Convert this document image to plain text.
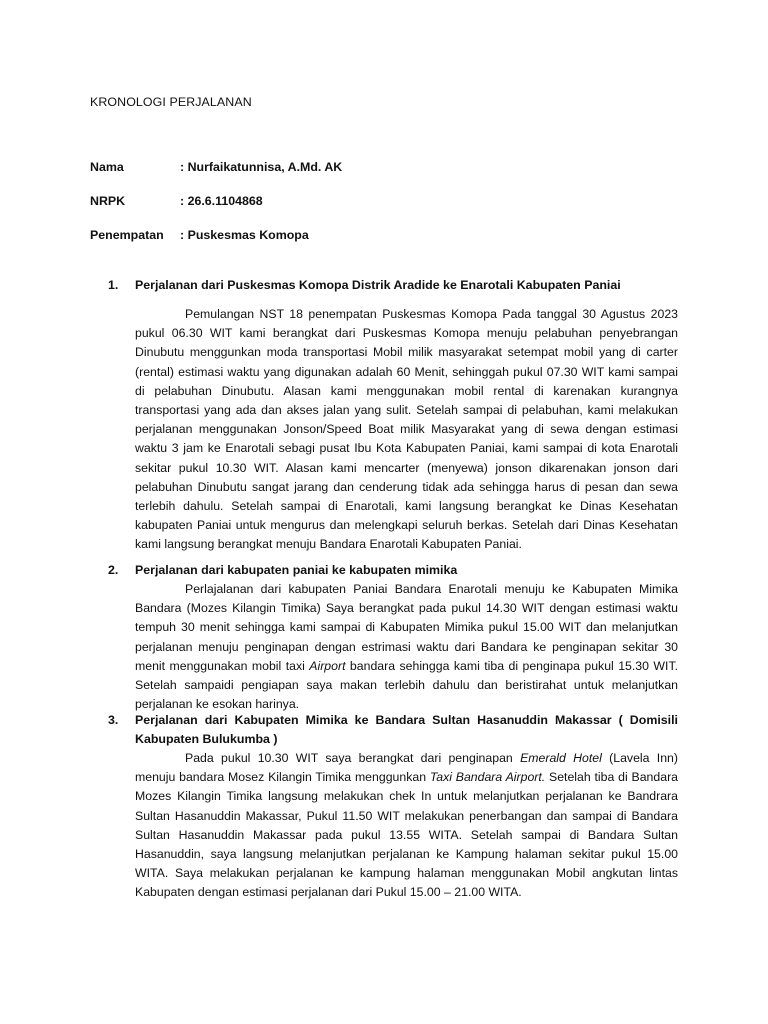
KRONOLOGI PERJALANAN
Nama	: Nurfaikatunnisa, A.Md. AK
NRPK	: 26.6.1104868
Penempatan	: Puskesmas Komopa
1.	Perjalanan dari Puskesmas Komopa Distrik Aradide ke Enarotali Kabupaten Paniai
Pemulangan NST 18 penempatan Puskesmas Komopa Pada tanggal 30 Agustus 2023 pukul 06.30 WIT kami berangkat dari Puskesmas Komopa menuju pelabuhan penyebrangan Dinubutu menggunkan moda transportasi Mobil milik masyarakat setempat mobil yang di carter (rental) estimasi waktu yang digunakan adalah 60 Menit, sehinggah pukul 07.30 WIT kami sampai di pelabuhan Dinubutu. Alasan kami menggunakan mobil rental di karenakan kurangnya transportasi yang ada dan akses jalan yang sulit. Setelah sampai di pelabuhan, kami melakukan perjalanan menggunakan Jonson/Speed Boat milik Masyarakat yang di sewa dengan estimasi waktu 3 jam ke Enarotali sebagi pusat Ibu Kota Kabupaten Paniai, kami sampai di kota Enarotali sekitar pukul 10.30 WIT. Alasan kami mencarter (menyewa) jonson dikarenakan jonson dari pelabuhan Dinubutu sangat jarang dan cenderung tidak ada sehingga harus di pesan dan sewa terlebih dahulu. Setelah sampai di Enarotali, kami langsung berangkat ke Dinas Kesehatan kabupaten Paniai untuk mengurus dan melengkapi seluruh berkas. Setelah dari Dinas Kesehatan kami langsung berangkat menuju Bandara Enarotali Kabupaten Paniai.
2.	Perjalanan dari kabupaten paniai ke kabupaten mimika
Perlajalanan dari kabupaten Paniai Bandara Enarotali menuju ke Kabupaten Mimika Bandara (Mozes Kilangin Timika) Saya berangkat pada pukul 14.30 WIT dengan estimasi waktu tempuh 30 menit sehingga kami sampai di Kabupaten Mimika pukul 15.00 WIT dan melanjutkan perjalanan menuju penginapan dengan estrimasi waktu dari Bandara ke penginapan sekitar 30 menit menggunakan mobil taxi Airport bandara sehingga kami tiba di penginapa pukul 15.30 WIT. Setelah sampaidi pengiapan saya makan terlebih dahulu dan beristirahat untuk melanjutkan perjalanan ke esokan harinya.
3.	Perjalanan dari Kabupaten Mimika ke Bandara Sultan Hasanuddin Makassar ( Domisili Kabupaten Bulukumba )
Pada pukul 10.30 WIT saya berangkat dari penginapan Emerald Hotel (Lavela Inn) menuju bandara Mosez Kilangin Timika menggunkan Taxi Bandara Airport. Setelah tiba di Bandara Mozes Kilangin Timika langsung melakukan chek In untuk melanjutkan perjalanan ke Bandrara Sultan Hasanuddin Makassar, Pukul 11.50 WIT melakukan penerbangan dan sampai di Bandara Sultan Hasanuddin Makassar pada pukul 13.55 WITA. Setelah sampai di Bandara Sultan Hasanuddin, saya langsung melanjutkan perjalanan ke Kampung halaman sekitar pukul 15.00 WITA. Saya melakukan perjalanan ke kampung halaman menggunakan Mobil angkutan lintas Kabupaten dengan estimasi perjalanan dari Pukul 15.00 – 21.00 WITA.
